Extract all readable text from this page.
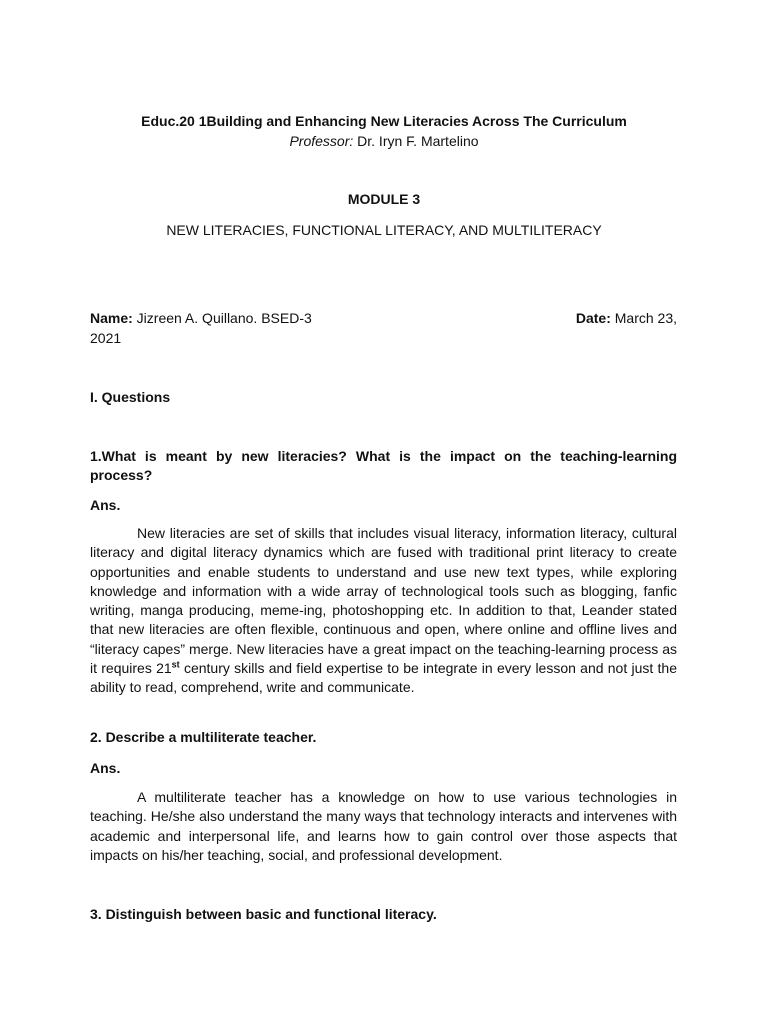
Educ.20 1Building and Enhancing New Literacies Across The Curriculum
Professor: Dr. Iryn F. Martelino
MODULE 3
NEW LITERACIES, FUNCTIONAL LITERACY, AND MULTILITERACY
Name: Jizreen A. Quillano. BSED-3	Date: March 23,
2021
I. Questions
1.What is meant by new literacies? What is the impact on the teaching-learning process?
Ans.

New literacies are set of skills that includes visual literacy, information literacy, cultural literacy and digital literacy dynamics which are fused with traditional print literacy to create opportunities and enable students to understand and use new text types, while exploring knowledge and information with a wide array of technological tools such as blogging, fanfic writing, manga producing, meme-ing, photoshopping etc. In addition to that, Leander stated that new literacies are often flexible, continuous and open, where online and offline lives and “literacy capes” merge. New literacies have a great impact on the teaching-learning process as it requires 21st century skills and field expertise to be integrate in every lesson and not just the ability to read, comprehend, write and communicate.

2. Describe a multiliterate teacher.
Ans.

A multiliterate teacher has a knowledge on how to use various technologies in teaching. He/she also understand the many ways that technology interacts and intervenes with academic and interpersonal life, and learns how to gain control over those aspects that impacts on his/her teaching, social, and professional development.

3. Distinguish between basic and functional literacy.
